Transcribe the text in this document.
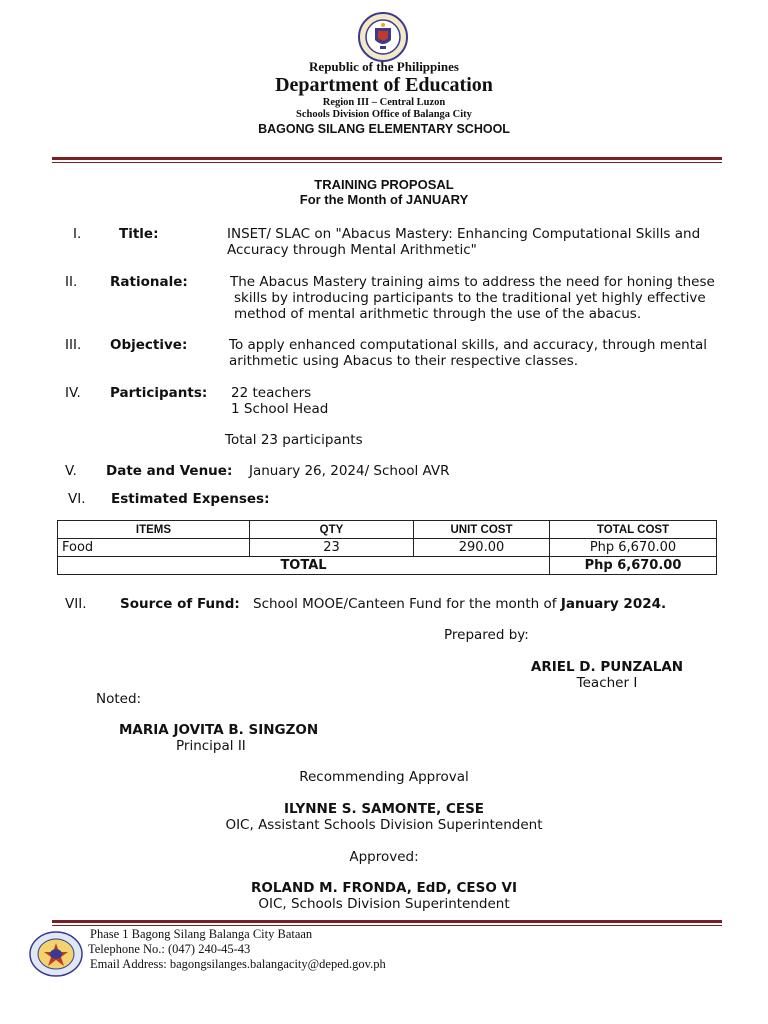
Republic of the Philippines
Department of Education
Region III – Central Luzon
Schools Division Office of Balanga City
BAGONG SILANG ELEMENTARY SCHOOL
TRAINING PROPOSAL
For the Month of JANUARY
I.	Title:	INSET/ SLAC on "Abacus Mastery: Enhancing Computational Skills and
Accuracy through Mental Arithmetic"
II. Rationale:	The Abacus Mastery training aims to address the need for honing these
skills by introducing participants to the traditional yet highly effective
method of mental arithmetic through the use of the abacus.
III. Objective:	To apply enhanced computational skills, and accuracy, through mental
arithmetic using Abacus to their respective classes.
IV. Participants: 22 teachers
1 School Head
Total 23 participants
V. Date and Venue: January 26, 2024/ School AVR
VI. Estimated Expenses:
ITEMS	QTY	UNIT COST	TOTAL COST
Food	23	290.00	Php 6,670.00
TOTAL			Php 6,670.00
VII. Source of Fund: School MOOE/Canteen Fund for the month of January 2024.
Prepared by:
ARIEL D. PUNZALAN
Teacher I
Noted:
MARIA JOVITA B. SINGZON
Principal II
Recommending Approval
ILYNNE S. SAMONTE, CESE
OIC, Assistant Schools Division Superintendent
Approved:
ROLAND M. FRONDA, EdD, CESO VI
OIC, Schools Division Superintendent
Phase 1 Bagong Silang Balanga City Bataan
Telephone No.: (047) 240-45-43
Email Address: bagongsilanges.balangacity@deped.gov.ph
